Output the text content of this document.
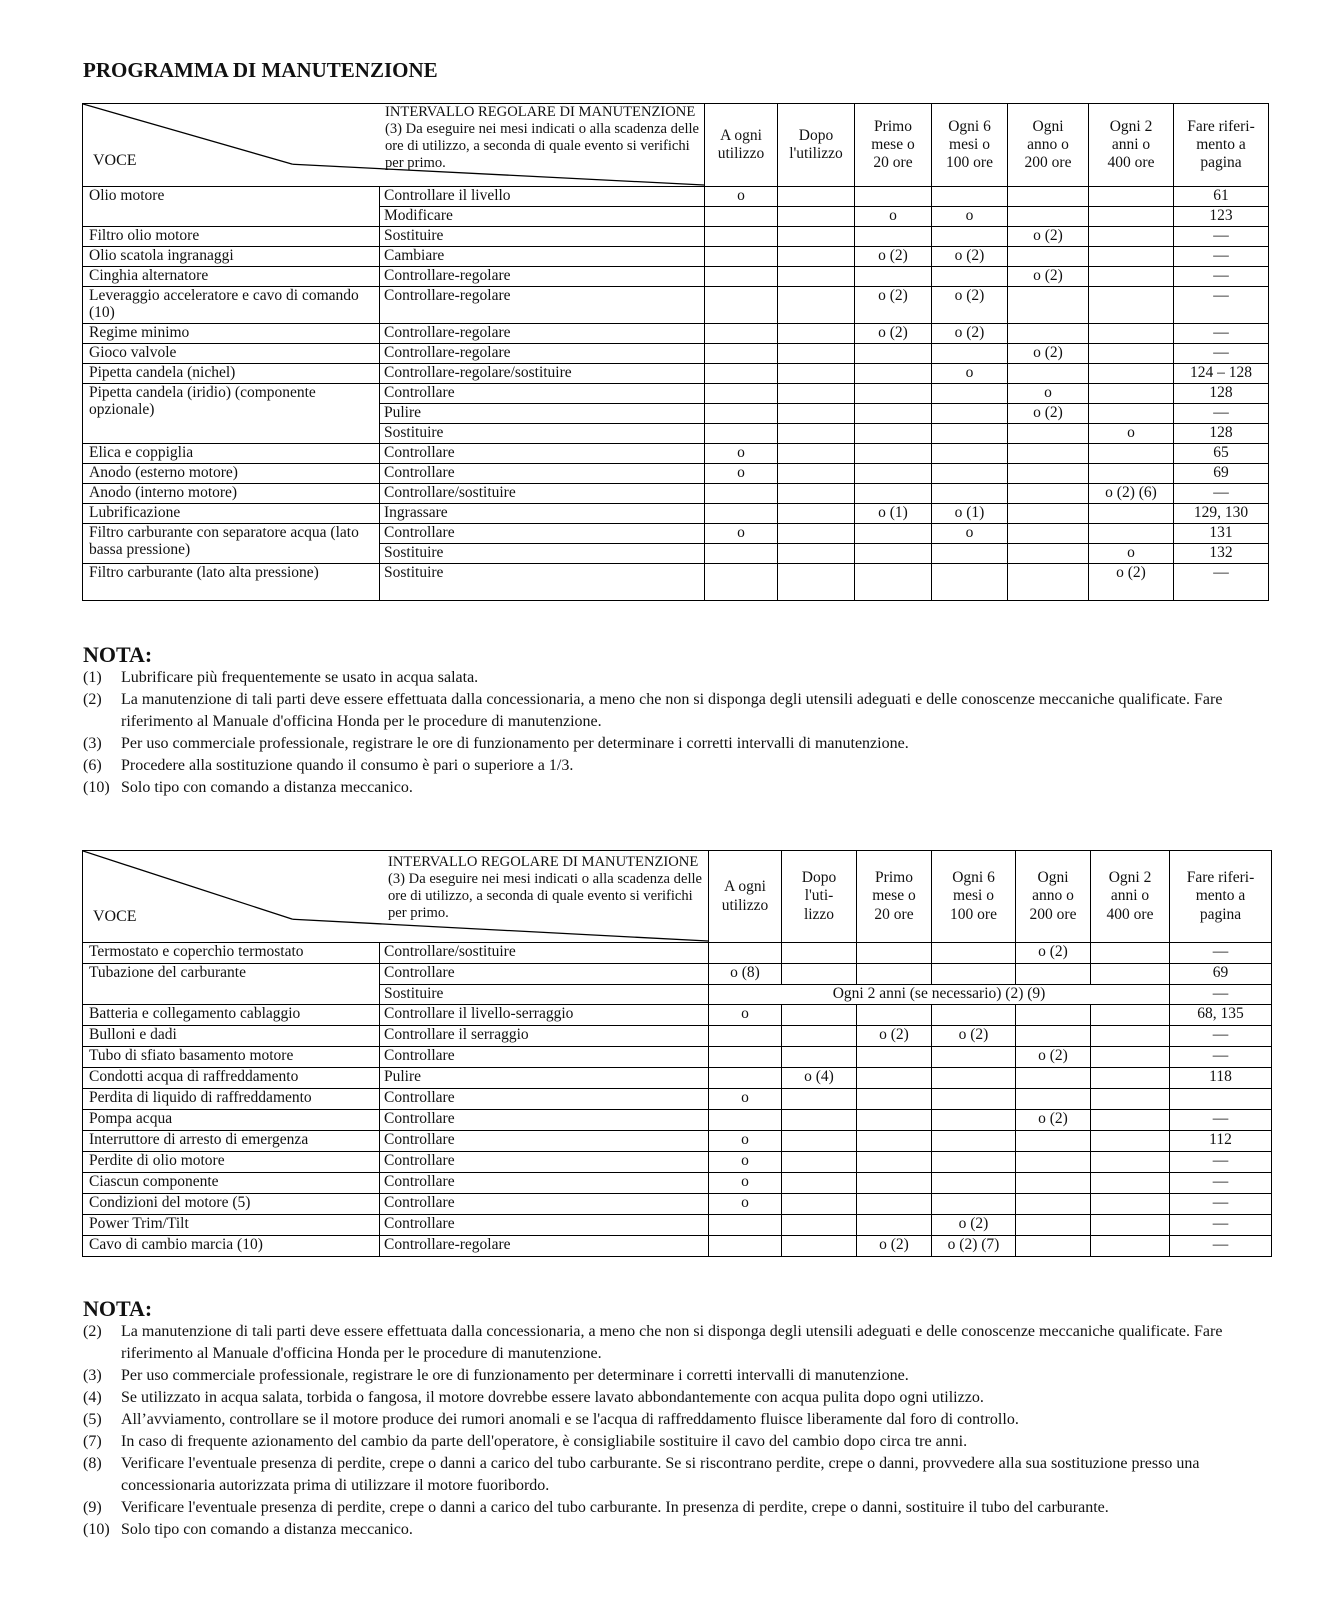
PROGRAMMA DI MANUTENZIONE
VOCE
INTERVALLO REGOLARE DI MANUTENZIONE (3) Da eseguire nei mesi indicati o alla scadenza delle ore di utilizzo, a seconda di quale evento si verifichi per primo.		A ogni
utilizzo	Dopo
l'utilizzo	Primo
mese o
20 ore	Ogni 6
mesi o
100 ore	Ogni
anno o
200 ore	Ogni 2
anni o
400 ore	Fare riferi-
mento a
pagina
Olio motore	Controllare il livello	o						61
	Modificare			o	o			123
Filtro olio motore	Sostituire					o (2)		—
Olio scatola ingranaggi	Cambiare			o (2)	o (2)			—
Cinghia alternatore	Controllare-regolare					o (2)		—
Leveraggio acceleratore e cavo di comando (10)	Controllare-regolare			o (2)	o (2)			—
Regime minimo	Controllare-regolare			o (2)	o (2)			—
Gioco valvole	Controllare-regolare					o (2)		—
Pipetta candela (nichel)	Controllare-regolare/sostituire				o			124 – 128
Pipetta candela (iridio) (componente opzionale)	Controllare					o		128
	Pulire					o (2)		—
	Sostituire						o	128
Elica e coppiglia	Controllare	o						65
Anodo (esterno motore)	Controllare	o						69
Anodo (interno motore)	Controllare/sostituire						o (2) (6)	—
Lubrificazione	Ingrassare			o (1)	o (1)			129, 130
Filtro carburante con separatore acqua (lato bassa pressione)	Controllare	o			o			131
	Sostituire						o	132
Filtro carburante (lato alta pressione)	Sostituire						o (2)	—
NOTA:
(1)	Lubrificare più frequentemente se usato in acqua salata.
(2)	La manutenzione di tali parti deve essere effettuata dalla concessionaria, a meno che non si disponga degli utensili adeguati e delle conoscenze meccaniche qualificate. Fare riferimento al Manuale d'officina Honda per le procedure di manutenzione.
(3)	Per uso commerciale professionale, registrare le ore di funzionamento per determinare i corretti intervalli di manutenzione.
(6)	Procedere alla sostituzione quando il consumo è pari o superiore a 1/3.
(10) Solo tipo con comando a distanza meccanico.
VOCE
INTERVALLO REGOLARE DI MANUTENZIONE (3) Da eseguire nei mesi indicati o alla scadenza delle ore di utilizzo, a seconda di quale evento si verifichi per primo.		A ogni
utilizzo	Dopo
l'uti-
lizzo	Primo
mese o
20 ore	Ogni 6
mesi o
100 ore	Ogni
anno o
200 ore	Ogni 2
anni o
400 ore	Fare riferi-
mento a
pagina
Termostato e coperchio termostato	Controllare/sostituire					o (2)		—
Tubazione del carburante	Controllare	o (8)						69
	Sostituire	Ogni 2 anni (se necessario) (2) (9)						—
Batteria e collegamento cablaggio	Controllare il livello-serraggio	o						68, 135
Bulloni e dadi	Controllare il serraggio			o (2)	o (2)			—
Tubo di sfiato basamento motore	Controllare					o (2)		—
Condotti acqua di raffreddamento	Pulire		o (4)					118
Perdita di liquido di raffreddamento	Controllare	o						
Pompa acqua	Controllare					o (2)		—
Interruttore di arresto di emergenza	Controllare	o						112
Perdite di olio motore	Controllare	o						—
Ciascun componente	Controllare	o						—
Condizioni del motore (5)	Controllare	o						—
Power Trim/Tilt	Controllare				o (2)			—
Cavo di cambio marcia (10)	Controllare-regolare			o (2)	o (2) (7)			—
NOTA:
(2)	La manutenzione di tali parti deve essere effettuata dalla concessionaria, a meno che non si disponga degli utensili adeguati e delle conoscenze meccaniche qualificate. Fare riferimento al Manuale d'officina Honda per le procedure di manutenzione.
(3)	Per uso commerciale professionale, registrare le ore di funzionamento per determinare i corretti intervalli di manutenzione.
(4)	Se utilizzato in acqua salata, torbida o fangosa, il motore dovrebbe essere lavato abbondantemente con acqua pulita dopo ogni utilizzo.
(5)	All’avviamento, controllare se il motore produce dei rumori anomali e se l'acqua di raffreddamento fluisce liberamente dal foro di controllo.
(7)	In caso di frequente azionamento del cambio da parte dell'operatore, è consigliabile sostituire il cavo del cambio dopo circa tre anni.
(8)	Verificare l'eventuale presenza di perdite, crepe o danni a carico del tubo carburante. Se si riscontrano perdite, crepe o danni, provvedere alla sua sostituzione presso una concessionaria autorizzata prima di utilizzare il motore fuoribordo.
(9)	Verificare l'eventuale presenza di perdite, crepe o danni a carico del tubo carburante. In presenza di perdite, crepe o danni, sostituire il tubo del carburante.
(10) Solo tipo con comando a distanza meccanico.
